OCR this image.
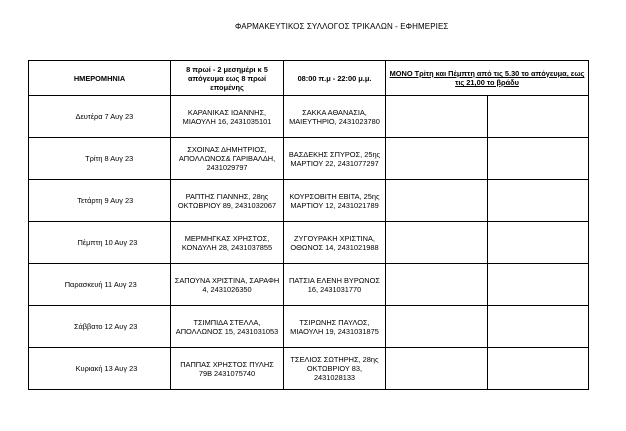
ΦΑΡΜΑΚΕΥΤΙΚΟΣ ΣΥΛΛΟΓΟΣ ΤΡΙΚΑΛΩΝ - ΕΦΗΜΕΡΙΕΣ
ΗΜΕΡΟΜΗΝΙΑ		8 πρωί - 2 μεσημέρι κ 5 απόγευμα εως 8 πρωί επομένης	08:00 π.μ - 22:00 μ.μ.	ΜΟΝΟ Τρίτη και Πέμπτη από τις 5.30 το απόγευμα, εως τις 21,00 το βράδυ	
Δευτέρα	7 Αυγ 23	ΚΑΡΑΝΙΚΑΣ ΙΩΑΝΝΗΣ, ΜΙΑΟΥΛΗ 16, 2431035101	ΣΑΚΚΑ ΑΘΑΝΑΣΙΑ, ΜΑΙΕΥΤΗΡΙΟ, 2431023780		
Τρίτη	8 Αυγ 23	ΣΧΟΙΝΑΣ ΔΗΜΗΤΡΙΟΣ, ΑΠΟΛΛΩΝΟΣ& ΓΑΡΙΒΑΛΔΗ, 2431029797	ΒΑΣΔΕΚΗΣ ΣΠΥΡΟΣ, 25ης ΜΑΡΤΙΟΥ 22, 2431077297		
Τετάρτη	9 Αυγ 23	ΡΑΠΤΗΣ ΓΙΑΝΝΗΣ, 28ης ΟΚΤΩΒΡΙΟΥ 89, 2431032067	ΚΟΥΡΣΟΒΙΤΗ ΕΒΙΤΑ, 25ης ΜΑΡΤΙΟΥ 12, 2431021789		
Πέμπτη	10 Αυγ 23	ΜΕΡΜΗΓΚΑΣ ΧΡΗΣΤΟΣ, ΚΟΝΔΥΛΗ 28, 2431037855	ΖΥΓΟΥΡΑΚΗ ΧΡΙΣΤΙΝΑ, ΟΘΩΝΟΣ 14, 2431021988		
Παρασκευή	11 Αυγ 23	ΣΑΠΟΥΝΑ ΧΡΙΣΤΙΝΑ, ΣΑΡΑΦΗ 4, 2431026350	ΠΑΤΣΙΑ ΕΛΕΝΗ ΒΥΡΩΝΟΣ 16, 2431031770		
Σάββατο	12 Αυγ 23	ΤΣΙΜΠΙΔΑ ΣΤΕΛΛΑ, ΑΠΟΛΛΩΝΟΣ 15, 2431031053	ΤΣΙΡΩΝΗΣ ΠΑΥΛΟΣ, ΜΙΑΟΥΛΗ 19, 2431031875		
Κυριακή	13 Αυγ 23	ΠΑΠΠΑΣ ΧΡΗΣΤΟΣ ΠΥΛΗΣ 79Β 2431075740	ΤΣΕΛΙΟΣ ΣΩΤΗΡΗΣ, 28ης ΟΚΤΩΒΡΙΟΥ 83, 2431028133		
